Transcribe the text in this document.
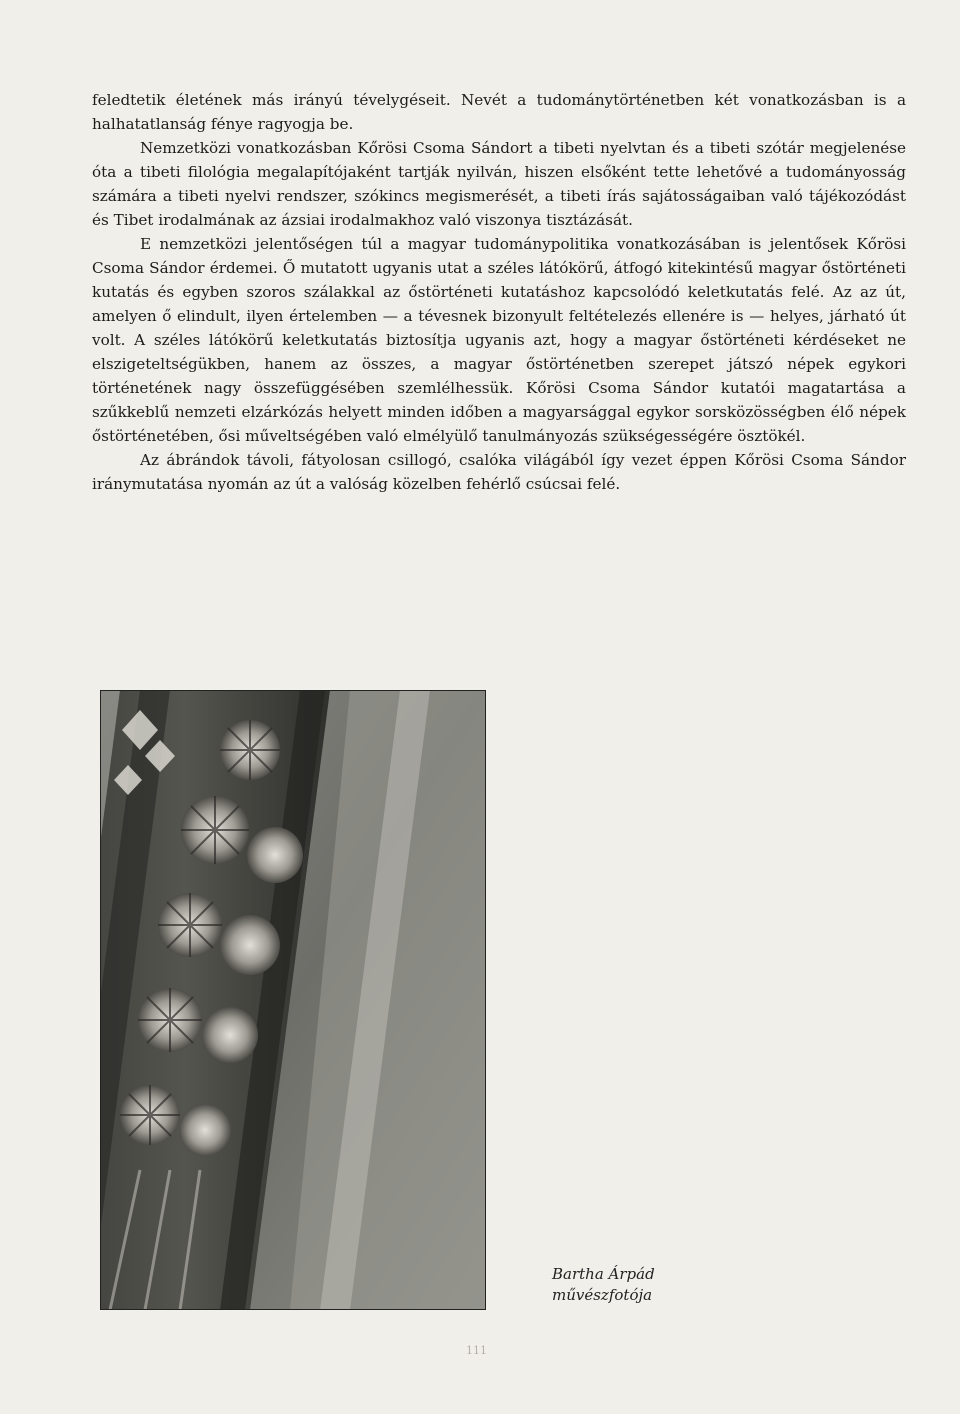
feledtetik életének más irányú tévelygéseit. Nevét a tudománytörténetben két vonatkozásban is a halhatatlanság fénye ragyogja be.

Nemzetközi vonatkozásban Kőrösi Csoma Sándort a tibeti nyelvtan és a tibeti szótár megjelenése óta a tibeti filológia megalapítójaként tartják nyilván, hiszen elsőként tette lehetővé a tudományosság számára a tibeti nyelvi rendszer, szókincs megismerését, a tibeti írás sajátosságaiban való tájékozódást és Tibet irodalmának az ázsiai irodalmakhoz való viszonya tisztázását.

E nemzetközi jelentőségen túl a magyar tudománypolitika vonatkozásában is jelentősek Kőrösi Csoma Sándor érdemei. Ő mutatott ugyanis utat a széles látókörű, átfogó kitekintésű magyar őstörténeti kutatás és egyben szoros szálakkal az őstörténeti kutatáshoz kapcsolódó keletkutatás felé. Az az út, amelyen ő elindult, ilyen értelemben — a tévesnek bizonyult feltételezés ellenére is — helyes, járható út volt. A széles látókörű keletkutatás biztosítja ugyanis azt, hogy a magyar őstörténeti kérdéseket ne elszigeteltségükben, hanem az összes, a magyar őstörténetben szerepet játszó népek egykori történetének nagy összefüggésében szemlélhessük. Kőrösi Csoma Sándor kutatói magatartása a szűkkeblű nemzeti elzárkózás helyett minden időben a magyarsággal egykor sorsközösségben élő népek őstörténetében, ősi műveltségében való elmélyülő tanulmányozás szükségességére ösztökél.

Az ábrándok távoli, fátyolosan csillogó, csalóka világából így vezet éppen Kőrösi Csoma Sándor iránymutatása nyomán az út a valóság közelben fehérlő csúcsai felé.

Bartha Árpád
művészfotója
111
